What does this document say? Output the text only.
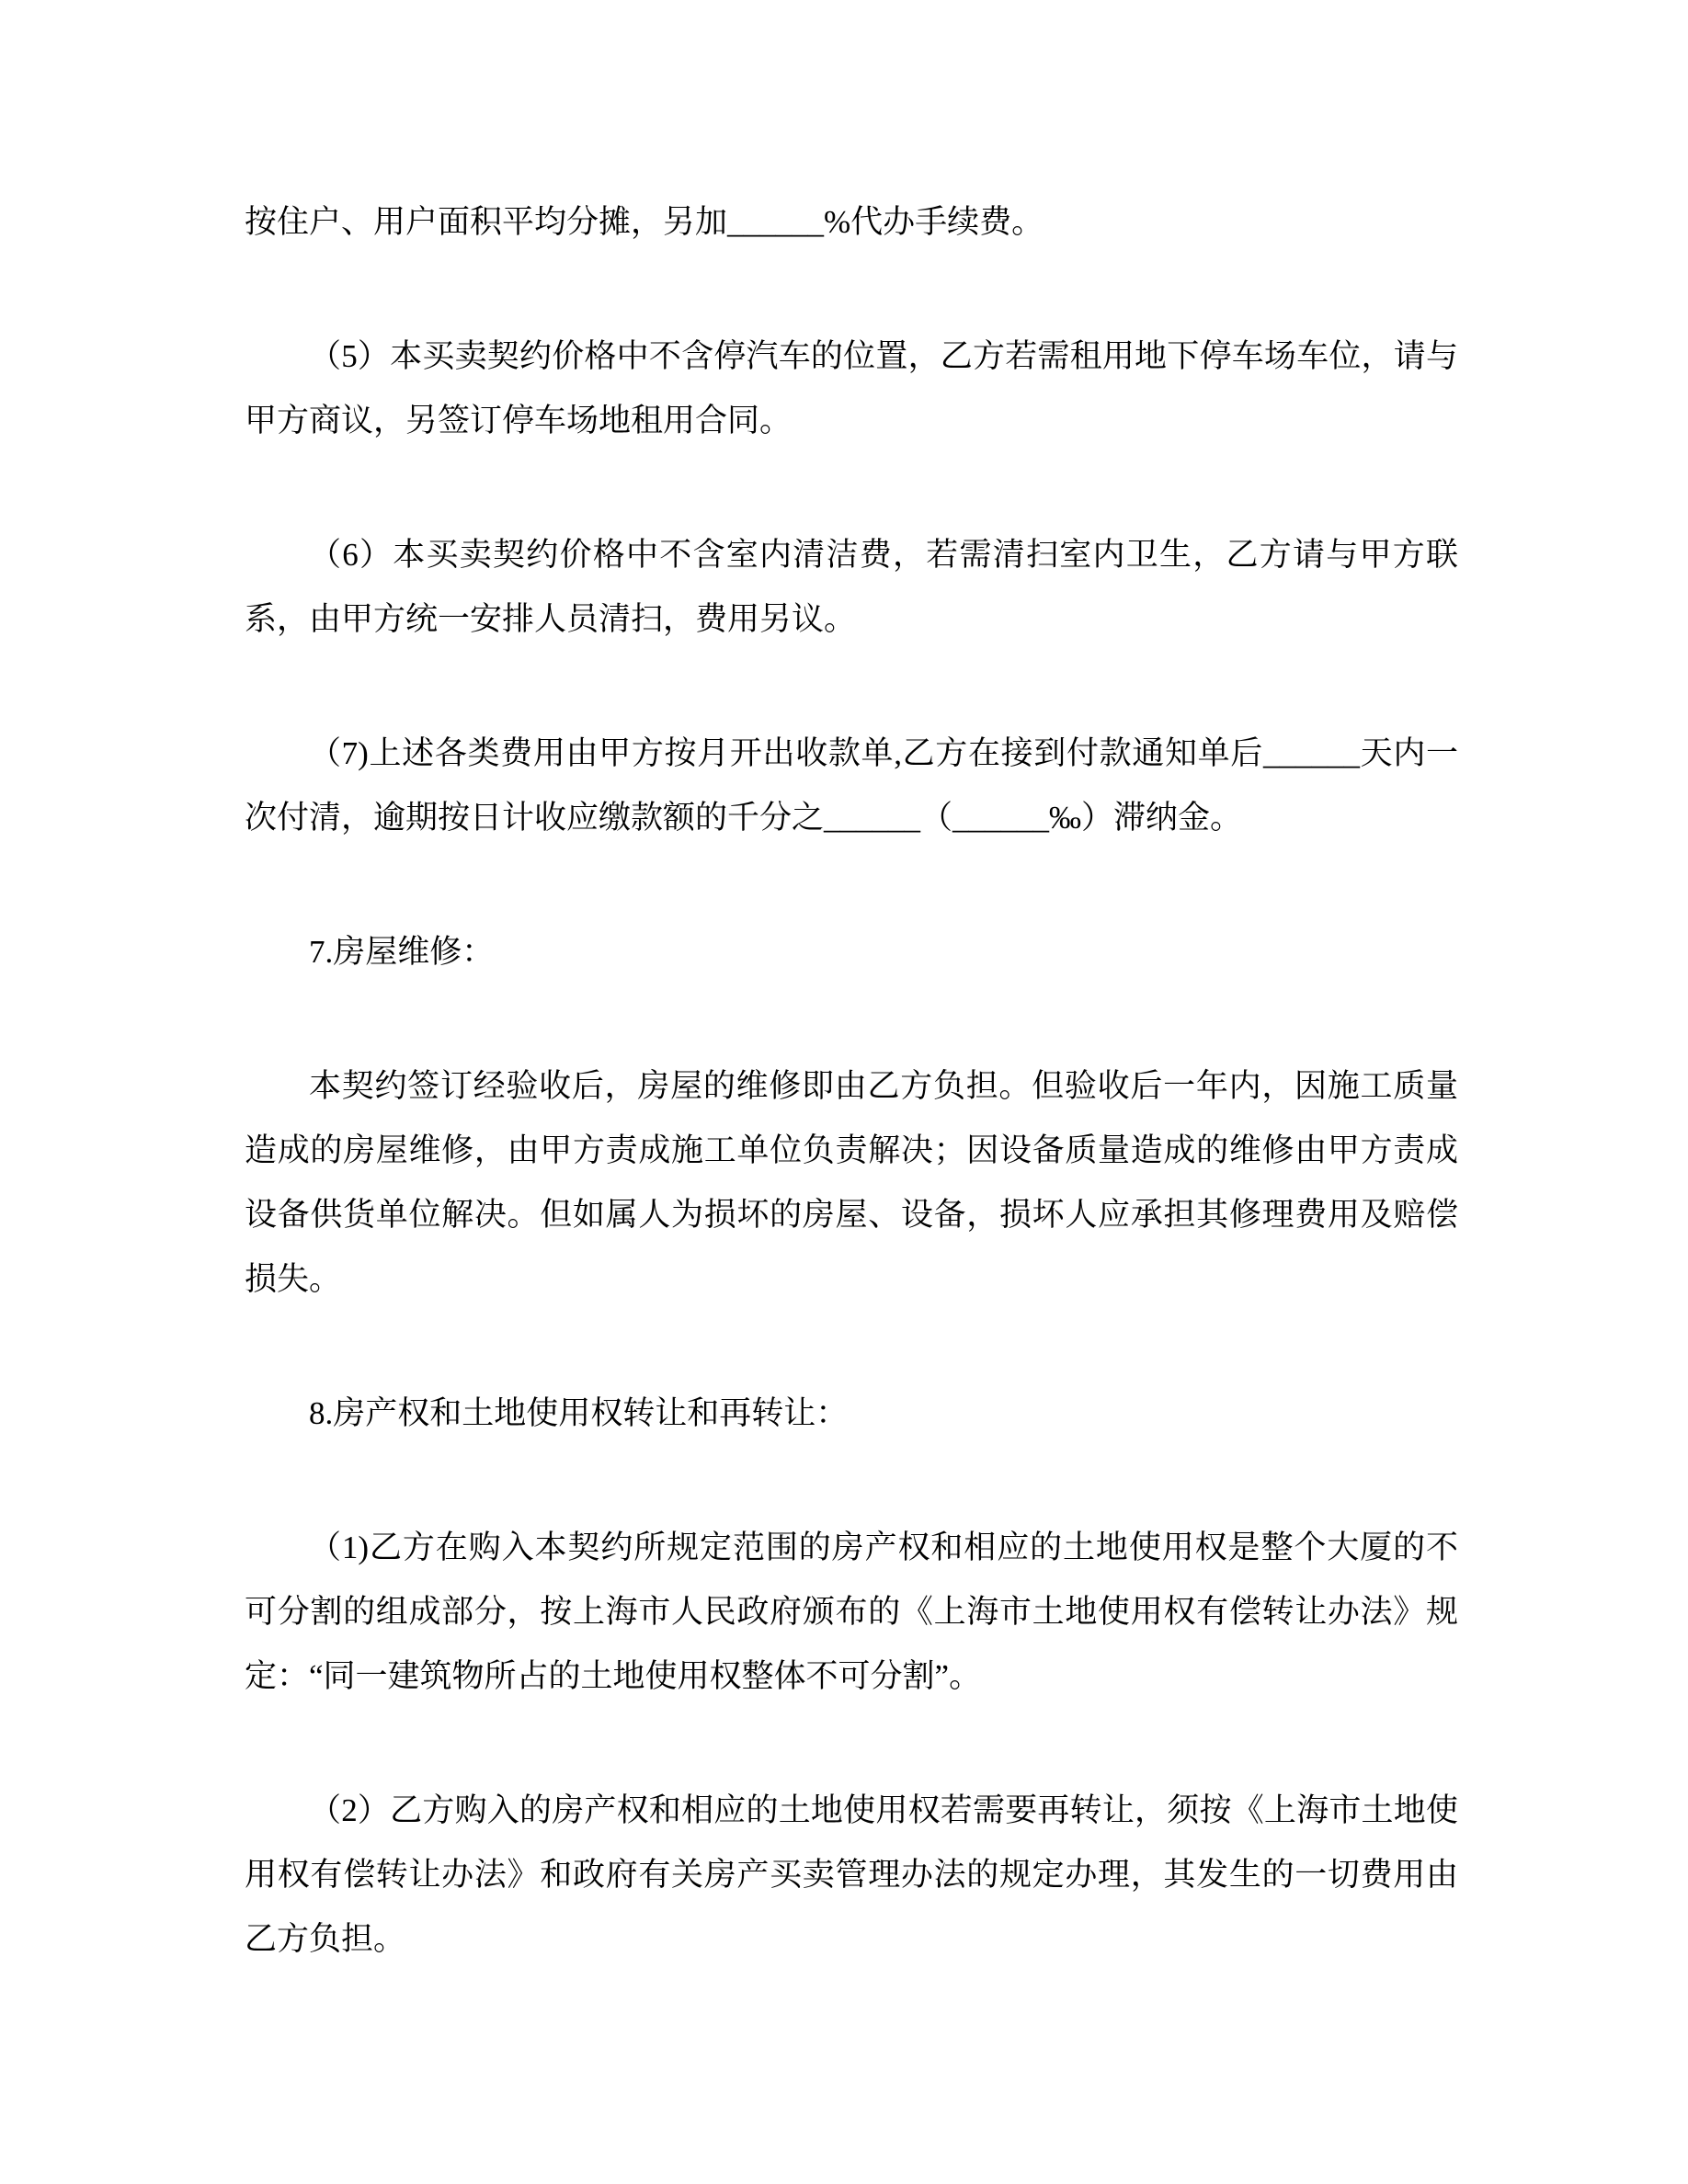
按住户、用户面积平均分摊，另加______%代办手续费。

（5）本买卖契约价格中不含停汽车的位置，乙方若需租用地下停车场车位，请与甲方商议，另签订停车场地租用合同。

（6）本买卖契约价格中不含室内清洁费，若需清扫室内卫生，乙方请与甲方联系，由甲方统一安排人员清扫，费用另议。

（7)上述各类费用由甲方按月开出收款单,乙方在接到付款通知单后______天内一次付清，逾期按日计收应缴款额的千分之______（______‰）滞纳金。

7.房屋维修：

本契约签订经验收后，房屋的维修即由乙方负担。但验收后一年内，因施工质量造成的房屋维修，由甲方责成施工单位负责解决；因设备质量造成的维修由甲方责成设备供货单位解决。但如属人为损坏的房屋、设备，损坏人应承担其修理费用及赔偿损失。

8.房产权和土地使用权转让和再转让：

（1)乙方在购入本契约所规定范围的房产权和相应的土地使用权是整个大厦的不可分割的组成部分，按上海市人民政府颁布的《上海市土地使用权有偿转让办法》规定：“同一建筑物所占的土地使用权整体不可分割”。

（2）乙方购入的房产权和相应的土地使用权若需要再转让，须按《上海市土地使用权有偿转让办法》和政府有关房产买卖管理办法的规定办理，其发生的一切费用由乙方负担。
